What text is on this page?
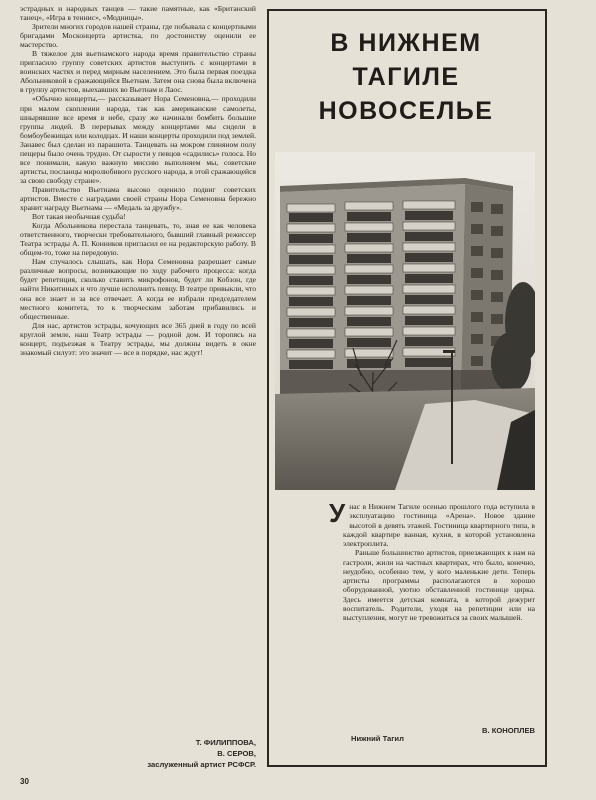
эстрадных и народных танцев — такие памятные, как «Британский танец», «Игра в теннис», «Модницы».

Зрители многих городов нашей страны, где побывала с концертными бригадами Москонцерта артистка, по достоинству оценили ее мастерство.

В тяжелое для вьетнамского народа время правительство страны пригласило группу советских артистов выступить с концертами в воинских частях и перед мирным населением. Это была первая поездка Абольниковой в сражающийся Вьетнам. Затем она снова была включена в группу артистов, выехавших во Вьетнам и Лаос.

«Обычно концерты,— рассказывает Нора Семеновна,— проходили при малом скоплении народа, так как американские самолеты, шнырявшие все время в небе, сразу же начинали бомбить большие группы людей. В перерывах между концертами мы сидели в бомбоубежищах или колодцах. И наши концерты проходили под землей. Занавес был сделан из парашюта. Танцевать на мокром глиняном полу пещеры было очень трудно. От сырости у певцов «садились» голоса. Но все понимали, какую важную миссию выполняем мы, советские артисты, посланцы миролюбивого русского народа, в этой сражающейся за свою свободу стране».

Правительство Вьетнама высоко оценило подвиг советских артистов. Вместе с наградами своей страны Нора Семеновна бережно хранит награду Вьетнама — «Медаль за дружбу».

Вот такая необычная судьба!

Когда Абольникова перестала танцевать, то, зная ее как человека ответственного, творчески требовательного, бывший главный режиссер Театра эстрады А. П. Конников пригласил ее на редакторскую работу. В общем-то, тоже на передовую.

Нам случалось слышать, как Нора Семеновна разрешает самые различные вопросы, возникающие по ходу рабочего процесса: когда будет репетиция, сколько ставить микрофонов, будет ли Кобзон, где найти Никитиных и что лучше исполнить певцу. В театре привыкли, что она все знает и за все отвечает. А когда ее избрали председателем местного комитета, то к творческим заботам прибавились и общественные.

Для нас, артистов эстрады, кочующих все 365 дней в году по всей круглой земле, наш Театр эстрады — родной дом. И торопясь на концерт, подъезжая к Театру эстрады, мы должны видеть в окне знакомый силуэт: это значит — все в порядке, нас ждут!

Т. ФИЛИППОВА,
В. СЕРОВ,
заслуженный артист РСФСР.
30
В НИЖНЕМ
ТАГИЛЕ
НОВОСЕЛЬЕ

Унас в Нижнем Тагиле осенью прошлого года вступила в эксплуатацию гостиница «Арена». Новое здание высотой в девять этажей. Гостиница квартирного типа, в каждой квартире ванная, кухня, в которой установлена электроплита.

Раньше большинство артистов, приезжающих к нам на гастроли, жили на частных квартирах, что было, конечно, неудобно, особенно тем, у кого маленькие дети. Теперь артисты программы располагаются в хорошо оборудованной, уютно обставленной гостинице цирка. Здесь имеется детская комната, в которой дежурит воспитатель. Родители, уходя на репетиции или на выступления, могут не тревожиться за своих малышей.

В. КОНОПЛЕВ
Нижний Тагил
